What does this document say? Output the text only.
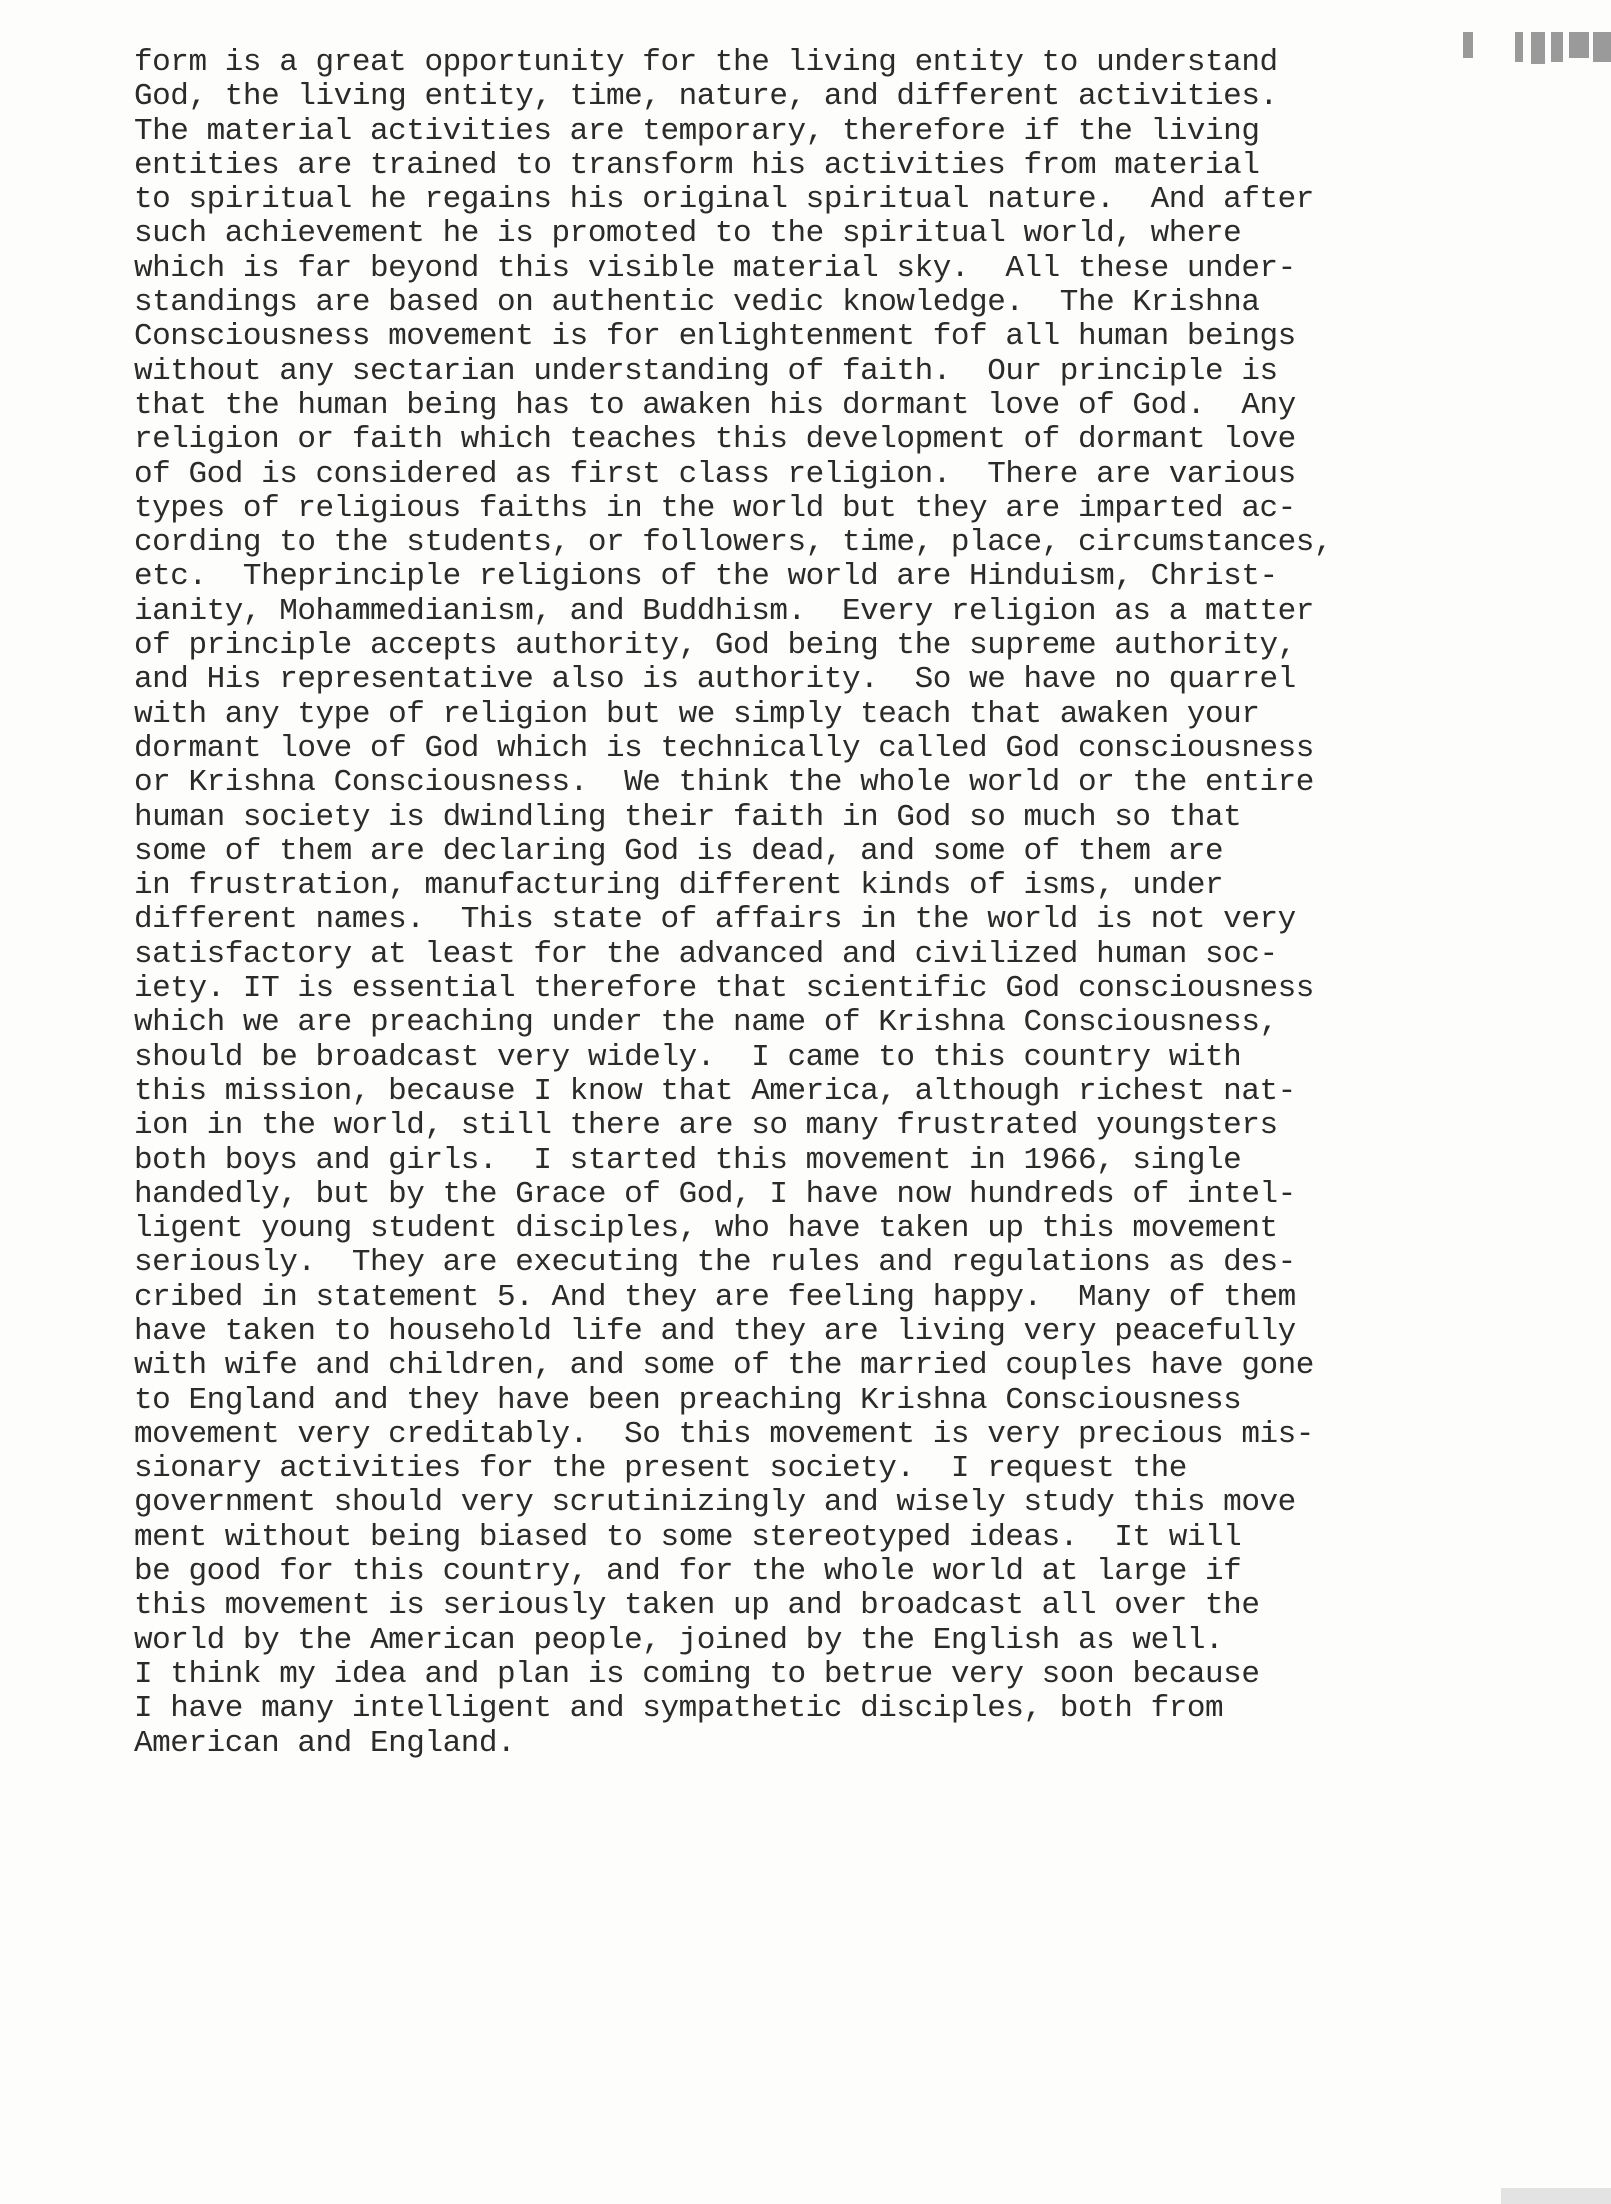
form is a great opportunity for the living entity to understand
God, the living entity, time, nature, and different activities.
The material activities are temporary, therefore if the living
entities are trained to transform his activities from material
to spiritual he regains his original spiritual nature.  And after
such achievement he is promoted to the spiritual world, where
which is far beyond this visible material sky.  All these under-
standings are based on authentic vedic knowledge.  The Krishna
Consciousness movement is for enlightenment fof all human beings
without any sectarian understanding of faith.  Our principle is
that the human being has to awaken his dormant love of God.  Any
religion or faith which teaches this development of dormant love
of God is considered as first class religion.  There are various
types of religious faiths in the world but they are imparted ac-
cording to the students, or followers, time, place, circumstances,
etc.  Theprinciple religions of the world are Hinduism, Christ-
ianity, Mohammedianism, and Buddhism.  Every religion as a matter
of principle accepts authority, God being the supreme authority,
and His representative also is authority.  So we have no quarrel
with any type of religion but we simply teach that awaken your
dormant love of God which is technically called God consciousness
or Krishna Consciousness.  We think the whole world or the entire
human society is dwindling their faith in God so much so that
some of them are declaring God is dead, and some of them are
in frustration, manufacturing different kinds of isms, under
different names.  This state of affairs in the world is not very
satisfactory at least for the advanced and civilized human soc-
iety. IT is essential therefore that scientific God consciousness
which we are preaching under the name of Krishna Consciousness,
should be broadcast very widely.  I came to this country with
this mission, because I know that America, although richest nat-
ion in the world, still there are so many frustrated youngsters
both boys and girls.  I started this movement in 1966, single
handedly, but by the Grace of God, I have now hundreds of intel-
ligent young student disciples, who have taken up this movement
seriously.  They are executing the rules and regulations as des-
cribed in statement 5. And they are feeling happy.  Many of them
have taken to household life and they are living very peacefully
with wife and children, and some of the married couples have gone
to England and they have been preaching Krishna Consciousness
movement very creditably.  So this movement is very precious mis-
sionary activities for the present society.  I request the
government should very scrutinizingly and wisely study this move
ment without being biased to some stereotyped ideas.  It will
be good for this country, and for the whole world at large if
this movement is seriously taken up and broadcast all over the
world by the American people, joined by the English as well.
I think my idea and plan is coming to betrue very soon because
I have many intelligent and sympathetic disciples, both from
American and England.
